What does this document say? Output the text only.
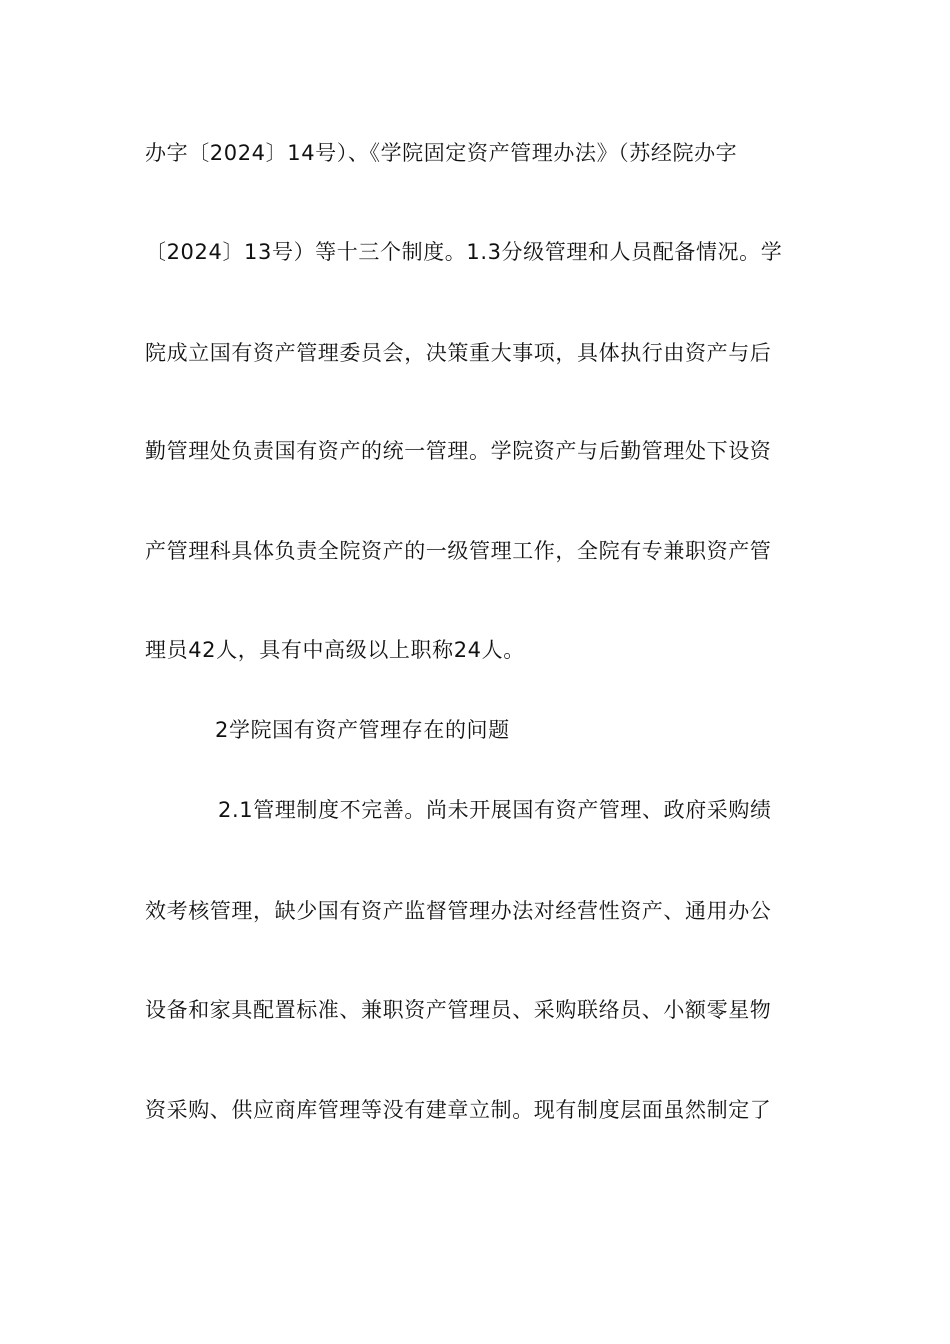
办字〔2024〕14号）、《学院固定资产管理办法》（苏经院办字
〔2024〕13号）等十三个制度。1.3分级管理和人员配备情况。学
院成立国有资产管理委员会，决策重大事项，具体执行由资产与后
勤管理处负责国有资产的统一管理。学院资产与后勤管理处下设资
产管理科具体负责全院资产的一级管理工作，全院有专兼职资产管
理员42人，具有中高级以上职称24人。
2学院国有资产管理存在的问题
2.1管理制度不完善。尚未开展国有资产管理、政府采购绩
效考核管理，缺少国有资产监督管理办法对经营性资产、通用办公
设备和家具配置标准、兼职资产管理员、采购联络员、小额零星物
资采购、供应商库管理等没有建章立制。现有制度层面虽然制定了
